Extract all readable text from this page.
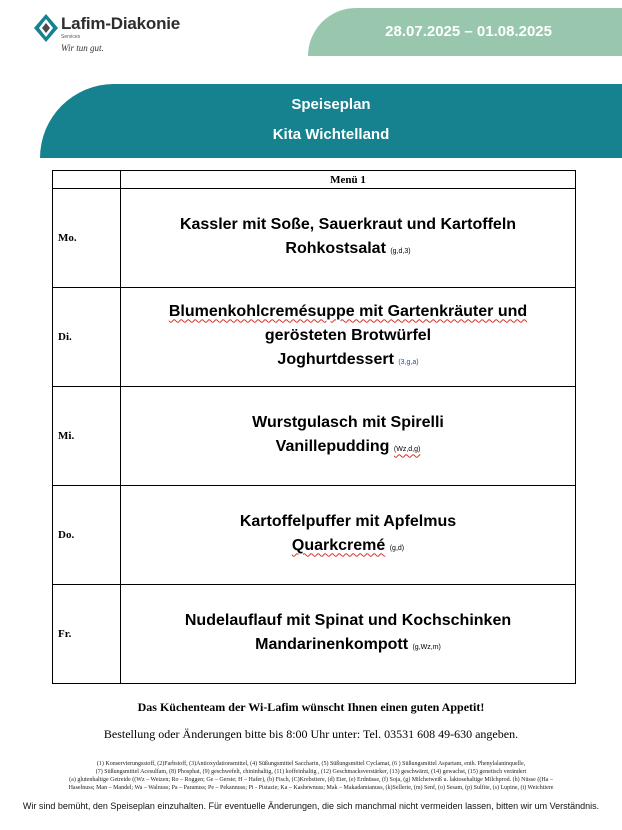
Lafim-Diakonie
Services
Wir tun gut.
28.07.2025 – 01.08.2025
Speiseplan
Kita Wichtelland
	Menü 1
Mo.	Kassler mit Soße, Sauerkraut und Kartoffeln
Rohkostsalat (g,d,3)
Di.	Blumenkohlcremésuppe mit Gartenkräuter und
gerösteten Brotwürfel
Joghurtdessert (3,g,a)
Mi.	Wurstgulasch mit Spirelli
Vanillepudding (Wz,d,g)
Do.	Kartoffelpuffer mit Apfelmus
Quarkcremé (g,d)
Fr.	Nudelauflauf mit Spinat und Kochschinken
Mandarinenkompott (g,Wz,m)
Das Küchenteam der Wi-Lafim wünscht Ihnen einen guten Appetit!
Bestellung oder Änderungen bitte bis 8:00 Uhr unter: Tel. 03531 608 49-630 angeben.
(1) Konservierungsstoff, (2)Farbstoff, (3)Antioxydationsmittel, (4) Süßungsmittel Saccharin, (5) Süßungsmittel Cyclamat, (6 ) Süßungsmittel Aspartam, enth. Phenylalaninquelle,
(7) Süßungsmittel Acesulfam, (8) Phosphat, (9) geschwefelt, chininhaltig, (11) koffeinhaltig , (12) Geschmacksverstärker, (13) geschwärzt, (14) gewachst, (15) genetisch verändert
(a) glutenhaltige Getreide ((Wz – Weizen; Ro – Roggen; Ge – Gerste; H – Hafer), (b) Fisch, (C)Krebstiere, (d) Eier, (e) Erdnüsse, (f) Soja, (g) Milcheiweiß u. laktosehaltige Milchprod. (h) Nüsse ((Ha –
Haselnuss; Man – Mandel; Wa – Walnuss; Pa – Paranuss; Pe – Pekannuss; Pi - Pistazie; Ka – Kashewnuss; Mak – Makadamianuss, (k)Sellerie, (m) Senf, (o) Sesam, (p) Sulfite, (s) Lupine, (t) Weichtiere
Wir sind bemüht, den Speiseplan einzuhalten. Für eventuelle Änderungen, die sich manchmal nicht vermeiden lassen, bitten wir um Verständnis.
